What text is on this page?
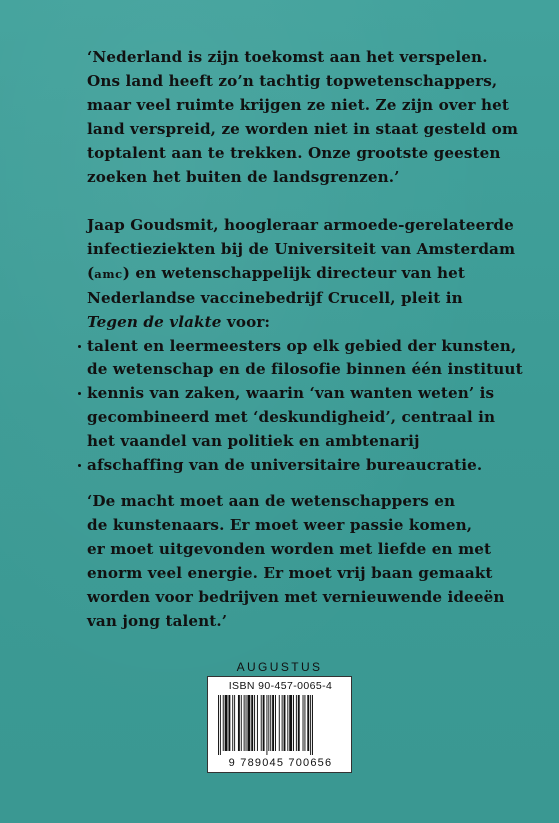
‘Nederland is zijn toekomst aan het verspelen.
Ons land heeft zo’n tachtig topwetenschappers,
maar veel ruimte krijgen ze niet. Ze zijn over het
land verspreid, ze worden niet in staat gesteld om
toptalent aan te trekken. Onze grootste geesten
zoeken het buiten de landsgrenzen.’

Jaap Goudsmit, hoogleraar armoede-gerelateerde
infectieziekten bij de Universiteit van Amsterdam
(amc) en wetenschappelijk directeur van het
Nederlandse vaccinebedrijf Crucell, pleit in
Tegen de vlakte voor:
talent en leermeesters op elk gebied der kunsten,
de wetenschap en de filosofie binnen één instituut
kennis van zaken, waarin ‘van wanten weten’ is
gecombineerd met ‘deskundigheid’, centraal in
het vaandel van politiek en ambtenarij
afschaffing van de universitaire bureaucratie.

‘De macht moet aan de wetenschappers en
de kunstenaars. Er moet weer passie komen,
er moet uitgevonden worden met liefde en met
enorm veel energie. Er moet vrij baan gemaakt
worden voor bedrijven met vernieuwende ideeën
van jong talent.’

AUGUSTUS
ISBN 90-457-0065-4
9 789045 700656
